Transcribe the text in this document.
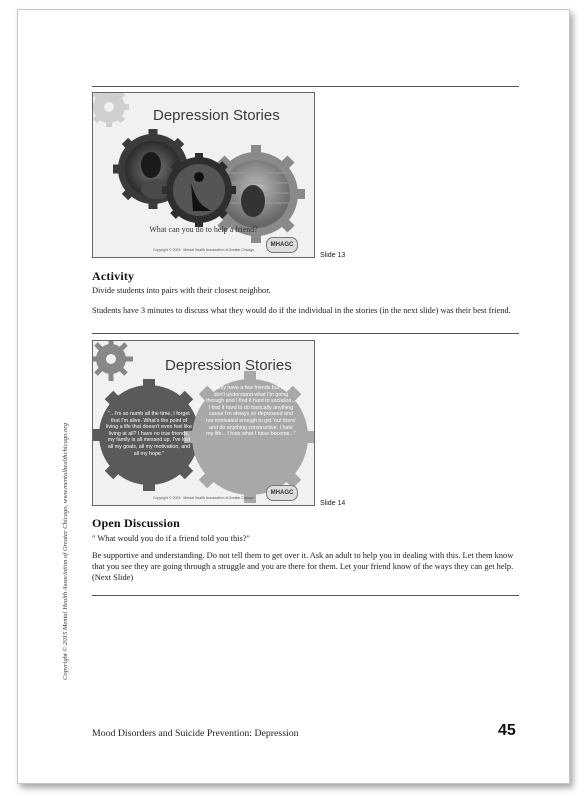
Copyright © 2015 Mental Health Association of Greater Chicago, www.mentalhealthchicago.org
Depression Stories
What can you do to help a friend?
Copyright © 2004 · Mental Health Association of Greater Chicago
MHAGC
Slide 13
Activity
Divide students into pairs with their closest neighbor.
Students have 3 minutes to discuss what they would do if the individual in the stories (in the next slide) was their best friend.
Depression Stories
"...I'm so numb all the time, I forget that I'm alive. What's the point of living a life that doesn't even feel like living at all? I have no true friends, my family is all messed up, I've lost all my goals, all my motivation, and all my hope."
"I only have a few friends but they don't understand what I'm going through and I find it hard to socialize... I find it hard to do basically anything cause I'm always so depressed and not motivated enough to get 'out there' and do anything constructive. I hate my life... I hate what I have become..."
Copyright © 2004 · Mental Health Association of Greater Chicago
MHAGC
Slide 14
Open Discussion
" What would you do if a friend told you this?"
Be supportive and understanding. Do not tell them to get over it. Ask an adult to help you in dealing with this. Let them know that you see they are going through a struggle and you are there for them. Let your friend know of the ways they can get help. (Next Slide)
Mood Disorders and Suicide Prevention: Depression	45
